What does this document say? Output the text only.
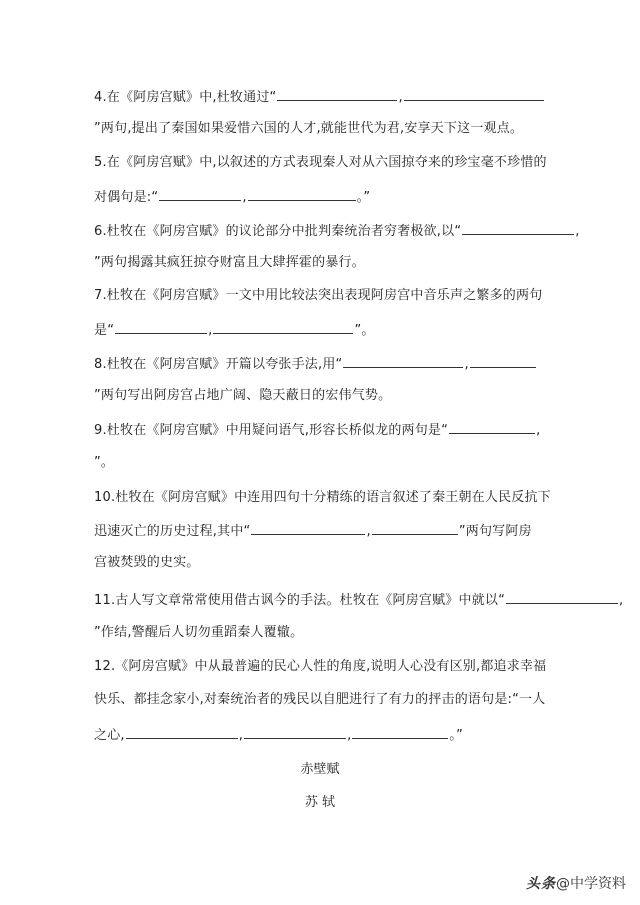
4.在《阿房宫赋》中,杜牧通过“	,
”两句,提出了秦国如果爱惜六国的人才,就能世代为君,安享天下这一观点。
5.在《阿房宫赋》中,以叙述的方式表现秦人对从六国掠夺来的珍宝毫不珍惜的
对偶句是:“	,	。”
6.杜牧在《阿房宫赋》的议论部分中批判秦统治者穷奢极欲,以“	,
”两句揭露其疯狂掠夺财富且大肆挥霍的暴行。
7.杜牧在《阿房宫赋》一文中用比较法突出表现阿房宫中音乐声之繁多的两句
是“	,	”。
8.杜牧在《阿房宫赋》开篇以夸张手法,用“	,
”两句写出阿房宫占地广阔、隐天蔽日的宏伟气势。
9.杜牧在《阿房宫赋》中用疑问语气,形容长桥似龙的两句是“	,
”。
10.杜牧在《阿房宫赋》中连用四句十分精练的语言叙述了秦王朝在人民反抗下
迅速灭亡的历史过程,其中“	,	”两句写阿房
宫被焚毁的史实。
11.古人写文章常常使用借古讽今的手法。杜牧在《阿房宫赋》中就以“	,
”作结,警醒后人切勿重蹈秦人覆辙。
12.《阿房宫赋》中从最普遍的民心人性的角度,说明人心没有区别,都追求幸福
快乐、都挂念家小,对秦统治者的残民以自肥进行了有力的抨击的语句是:“一人
之心,	,	,	。”
赤壁赋
苏 轼
头条@中学资料
